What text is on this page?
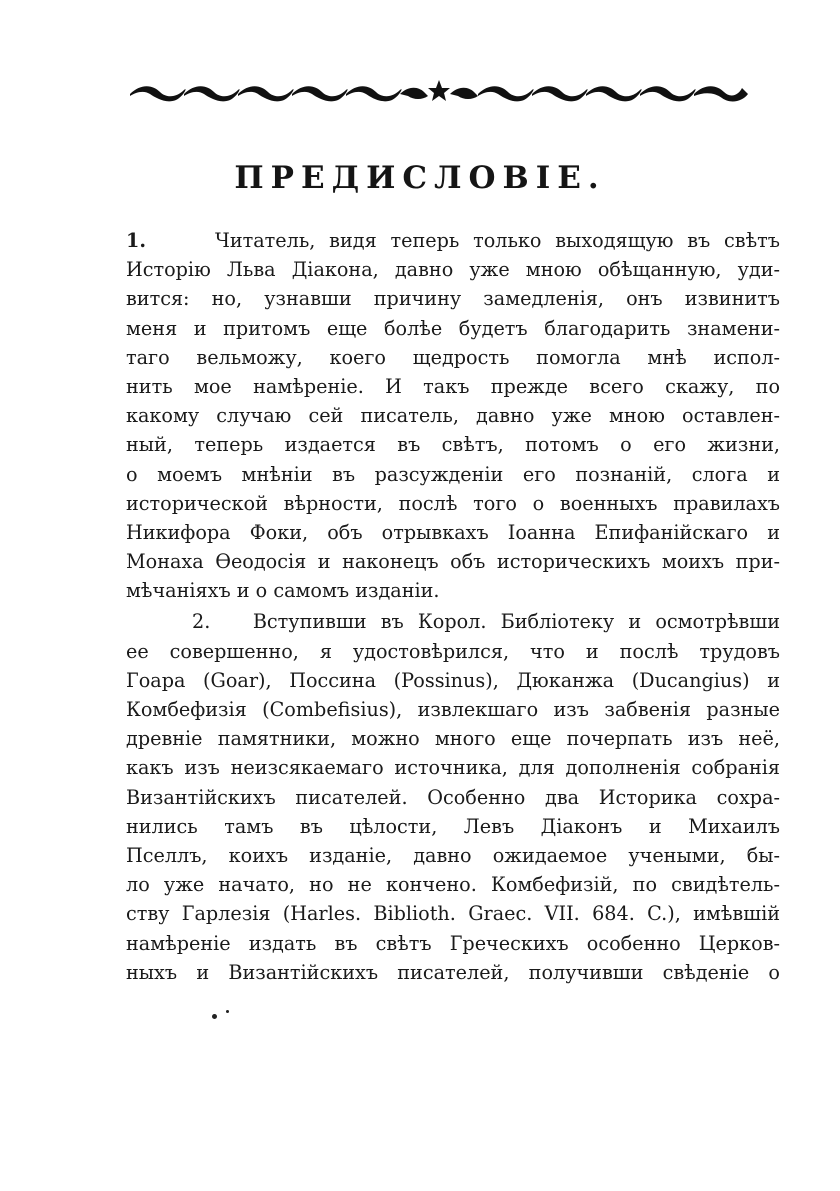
ПРЕДИСЛОВІЕ.
1.	Читатель, видя теперь только выходящую въ свѣтъ
Исторію Льва Діакона, давно уже мною обѣщанную, уди-
вится: но, узнавши причину замедленія, онъ извинитъ
меня и притомъ еще болѣе будетъ благодарить знамени-
таго вельможу, коего щедрость помогла мнѣ испол-
нить мое намѣреніе. И такъ прежде всего скажу, по
какому случаю сей писатель, давно уже мною оставлен-
ный, теперь издается въ свѣтъ, потомъ о его жизни,
о моемъ мнѣніи въ разсужденіи его познаній, слога и
исторической вѣрности, послѣ того о военныхъ правилахъ
Никифора Фоки, объ отрывкахъ Іоанна Епифанійскаго и
Монаха Өеодосія и наконецъ объ историческихъ моихъ при-
мѣчаніяхъ и о самомъ изданіи.
2. Вступивши въ Корол. Библіотеку и осмотрѣвши
ее совершенно, я удостовѣрился, что и послѣ трудовъ
Гоара (Goar), Поссина (Possinus), Дюканжа (Ducangius) и
Комбефизія (Combefisius), извлекшаго изъ забвенія разные
древніе памятники, можно много еще почерпать изъ неё,
какъ изъ неизсякаемаго источника, для дополненія собранія
Византійскихъ писателей. Особенно два Историка сохра-
нились тамъ въ цѣлости, Левъ Діаконъ и Михаилъ
Пселлъ, коихъ изданіе, давно ожидаемое учеными, бы-
ло уже начато, но не кончено. Комбефизій, по свидѣтель-
ству Гарлезія (Harles. Biblioth. Graec. VII. 684. C.), имѣвшій
намѣреніе издать въ свѣтъ Греческихъ особенно Церков-
ныхъ и Византійскихъ писателей, получивши свѣденіе о
